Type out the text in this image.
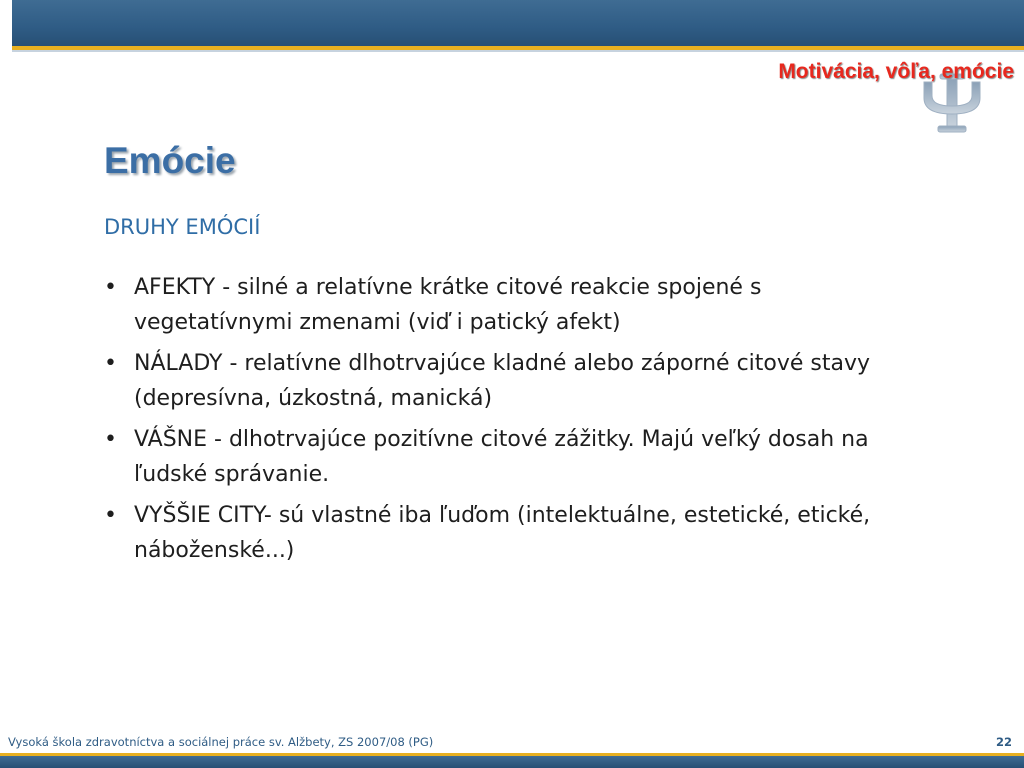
Motivácia, vôľa, emócie
Emócie
DRUHY EMÓCIÍ
• AFEKTY - silné a relatívne krátke citové reakcie spojené s vegetatívnymi zmenami (viď i patický afekt)
• NÁLADY - relatívne dlhotrvajúce kladné alebo záporné citové stavy (depresívna, úzkostná, manická)
• VÁŠNE - dlhotrvajúce pozitívne citové zážitky. Majú veľký dosah na ľudské správanie.
• VYŠŠIE CITY- sú vlastné iba ľuďom (intelektuálne, estetické, etické, náboženské...)
Vysoká škola zdravotníctva a sociálnej práce sv. Alžbety, ZS 2007/08 (PG)	22
